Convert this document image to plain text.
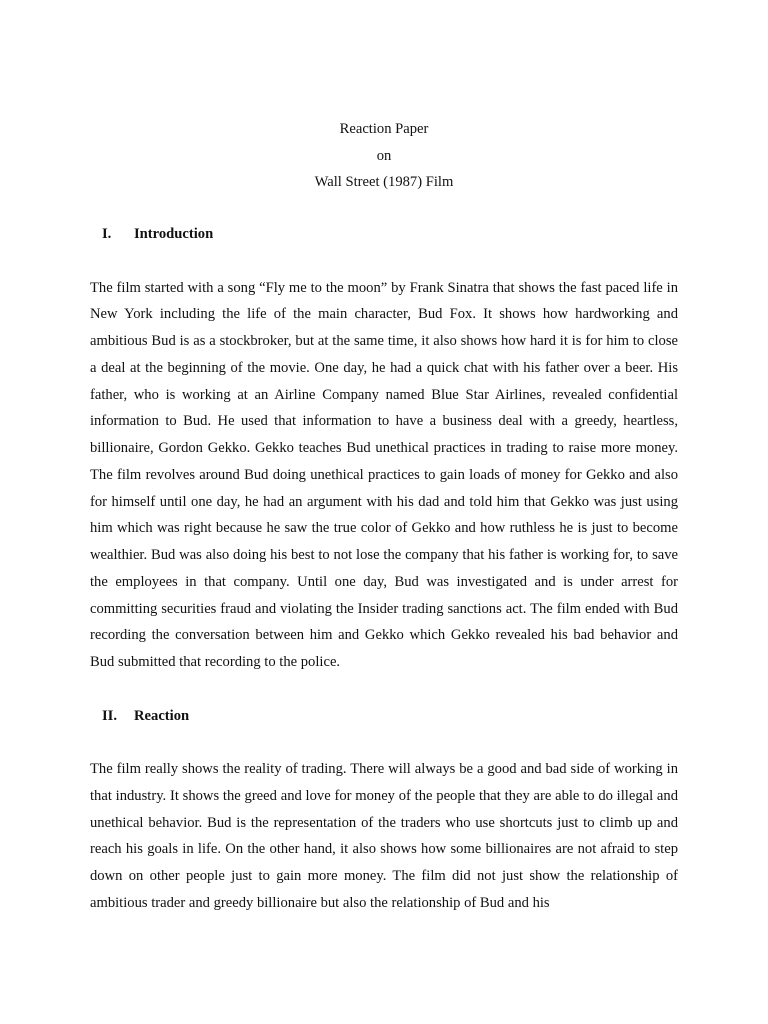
Reaction Paper
on
Wall Street (1987) Film
I.	Introduction

The film started with a song “Fly me to the moon” by Frank Sinatra that shows the fast paced life in New York including the life of the main character, Bud Fox. It shows how hardworking and ambitious Bud is as a stockbroker, but at the same time, it also shows how hard it is for him to close a deal at the beginning of the movie. One day, he had a quick chat with his father over a beer. His father, who is working at an Airline Company named Blue Star Airlines, revealed confidential information to Bud. He used that information to have a business deal with a greedy, heartless, billionaire, Gordon Gekko. Gekko teaches Bud unethical practices in trading to raise more money. The film revolves around Bud doing unethical practices to gain loads of money for Gekko and also for himself until one day, he had an argument with his dad and told him that Gekko was just using him which was right because he saw the true color of Gekko and how ruthless he is just to become wealthier. Bud was also doing his best to not lose the company that his father is working for, to save the employees in that company. Until one day, Bud was investigated and is under arrest for committing securities fraud and violating the Insider trading sanctions act. The film ended with Bud recording the conversation between him and Gekko which Gekko revealed his bad behavior and Bud submitted that recording to the police.

II.	Reaction

The film really shows the reality of trading. There will always be a good and bad side of working in that industry. It shows the greed and love for money of the people that they are able to do illegal and unethical behavior. Bud is the representation of the traders who use shortcuts just to climb up and reach his goals in life. On the other hand, it also shows how some billionaires are not afraid to step down on other people just to gain more money. The film did not just show the relationship of ambitious trader and greedy billionaire but also the relationship of Bud and his
